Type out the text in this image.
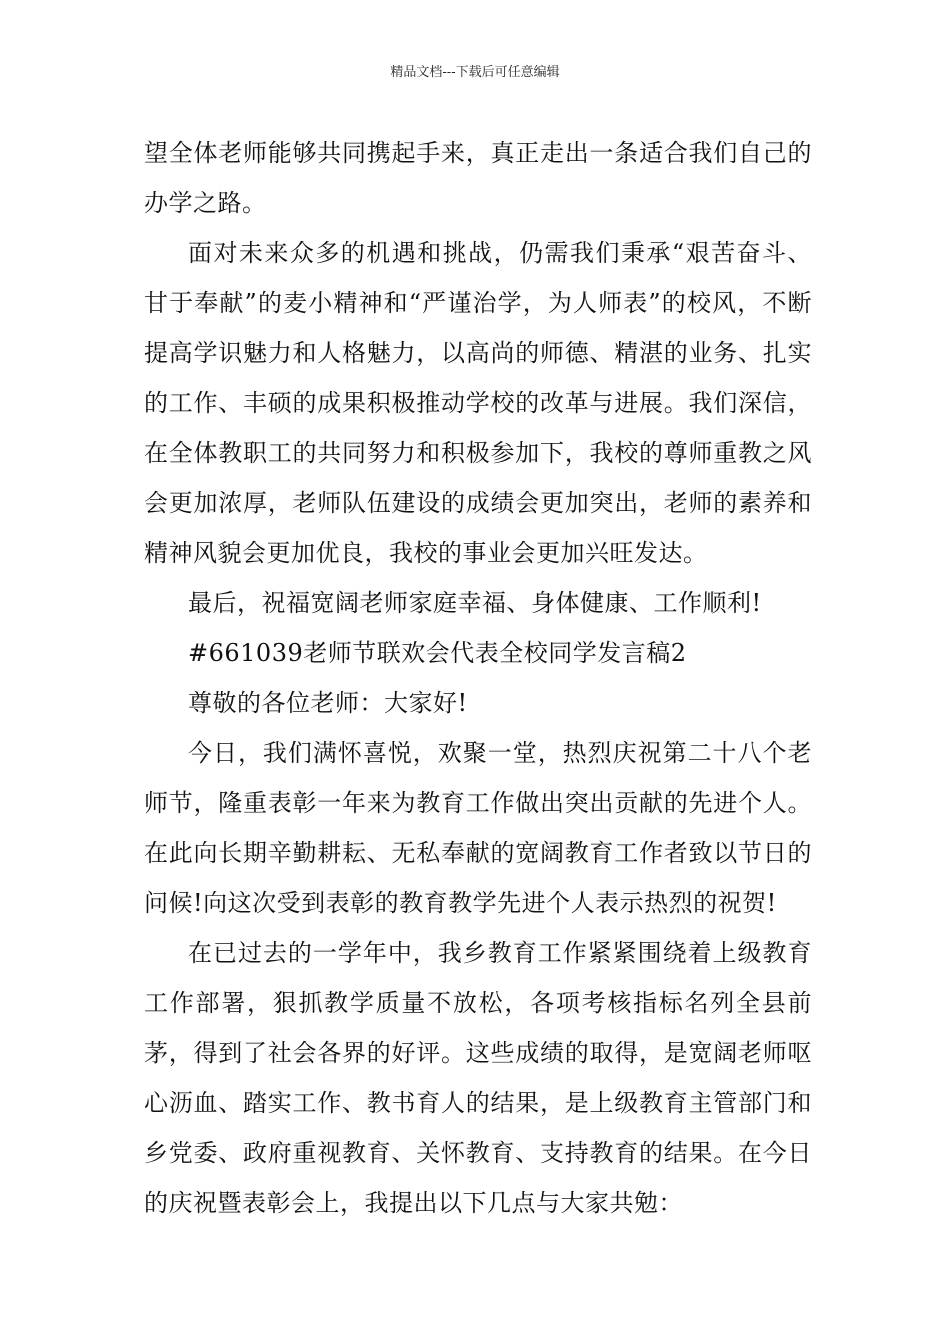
精品文档---下载后可任意编辑

望全体老师能够共同携起手来，真正走出一条适合我们自己的办学之路。

面对未来众多的机遇和挑战，仍需我们秉承“艰苦奋斗、甘于奉献”的麦小精神和“严谨治学，为人师表”的校风，不断提高学识魅力和人格魅力，以高尚的师德、精湛的业务、扎实的工作、丰硕的成果积极推动学校的改革与进展。我们深信，在全体教职工的共同努力和积极参加下，我校的尊师重教之风会更加浓厚，老师队伍建设的成绩会更加突出，老师的素养和精神风貌会更加优良，我校的事业会更加兴旺发达。

最后，祝福宽阔老师家庭幸福、身体健康、工作顺利!

#661039老师节联欢会代表全校同学发言稿2

尊敬的各位老师：大家好!

今日，我们满怀喜悦，欢聚一堂，热烈庆祝第二十八个老师节，隆重表彰一年来为教育工作做出突出贡献的先进个人。在此向长期辛勤耕耘、无私奉献的宽阔教育工作者致以节日的问候!向这次受到表彰的教育教学先进个人表示热烈的祝贺!

在已过去的一学年中，我乡教育工作紧紧围绕着上级教育工作部署，狠抓教学质量不放松，各项考核指标名列全县前茅，得到了社会各界的好评。这些成绩的取得，是宽阔老师呕心沥血、踏实工作、教书育人的结果，是上级教育主管部门和乡党委、政府重视教育、关怀教育、支持教育的结果。在今日的庆祝暨表彰会上，我提出以下几点与大家共勉：
